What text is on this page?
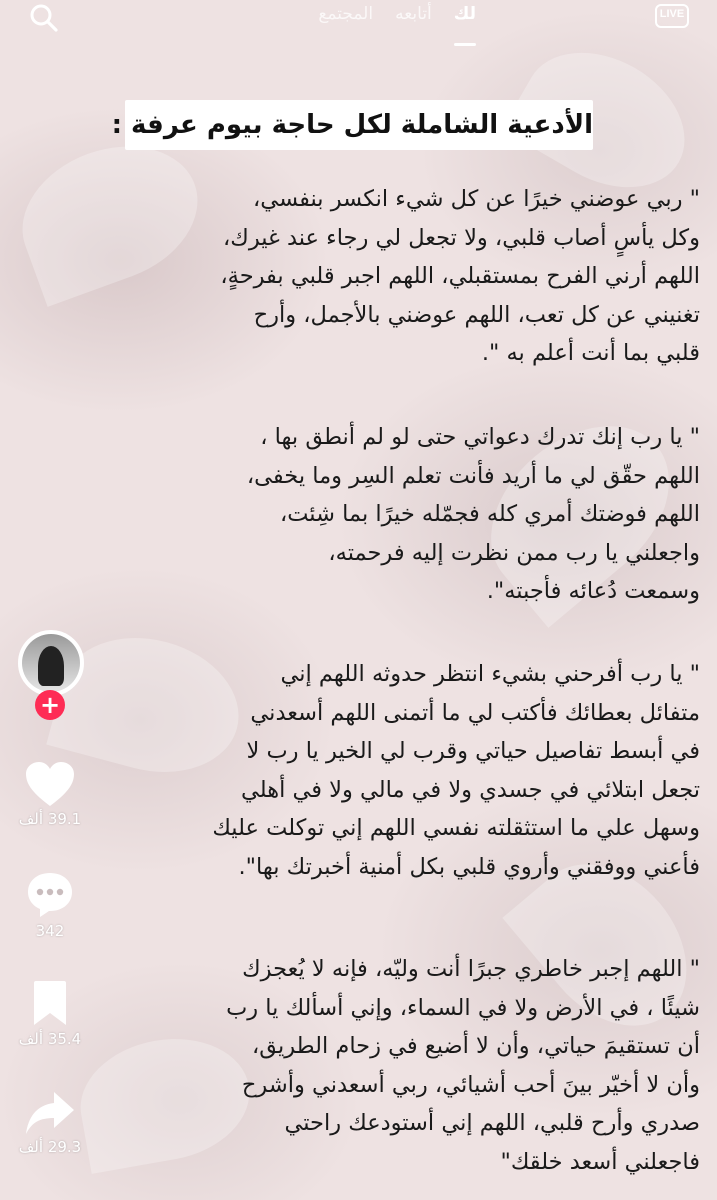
لك
أتابعه
المجتمع	LIVE
الأدعية الشاملة لكل حاجة بيوم عرفة :
" ربي عوضني خيرًا عن كل شيء انكسر بنفسي،
وكل يأسٍ أصاب قلبي، ولا تجعل لي رجاء عند غيرك،
اللهم أرني الفرح بمستقبلي، اللهم اجبر قلبي بفرحةٍ،
تغنيني عن كل تعب، اللهم عوضني بالأجمل، وأرح
قلبي بما أنت أعلم به ".
" يا رب إنك تدرك دعواتي حتى لو لم أنطق بها ،
اللهم حقّق لي ما أريد فأنت تعلم السِر وما يخفى،
اللهم فوضتك أمري كله فجمّله خيرًا بما شِئت،
واجعلني يا رب ممن نظرت إليه فرحمته،
وسمعت دُعائه فأجبته".
" يا رب أفرحني بشيء انتظر حدوثه اللهم إني
متفائل بعطائك فأكتب لي ما أتمنى اللهم أسعدني
في أبسط تفاصيل حياتي وقرب لي الخير يا رب لا
تجعل ابتلائي في جسدي ولا في مالي ولا في أهلي
وسهل علي ما استثقلته نفسي اللهم إني توكلت عليك
فأعني ووفقني وأروي قلبي بكل أمنية أخبرتك بها".
" اللهم إجبر خاطري جبرًا أنت وليّه، فإنه لا يُعجزك
شيئًا ، في الأرض ولا في السماء، وإني أسألك يا رب
أن تستقيمَ حياتي، وأن لا أضيع في زحام الطريق،
وأن لا أخيّر بينَ أحب أشيائي، ربي أسعدني وأشرح
صدري وأرح قلبي، اللهم إني أستودعك راحتي
فاجعلني أسعد خلقك"
+
39.1 ألف
342
35.4 ألف
29.3 ألف
